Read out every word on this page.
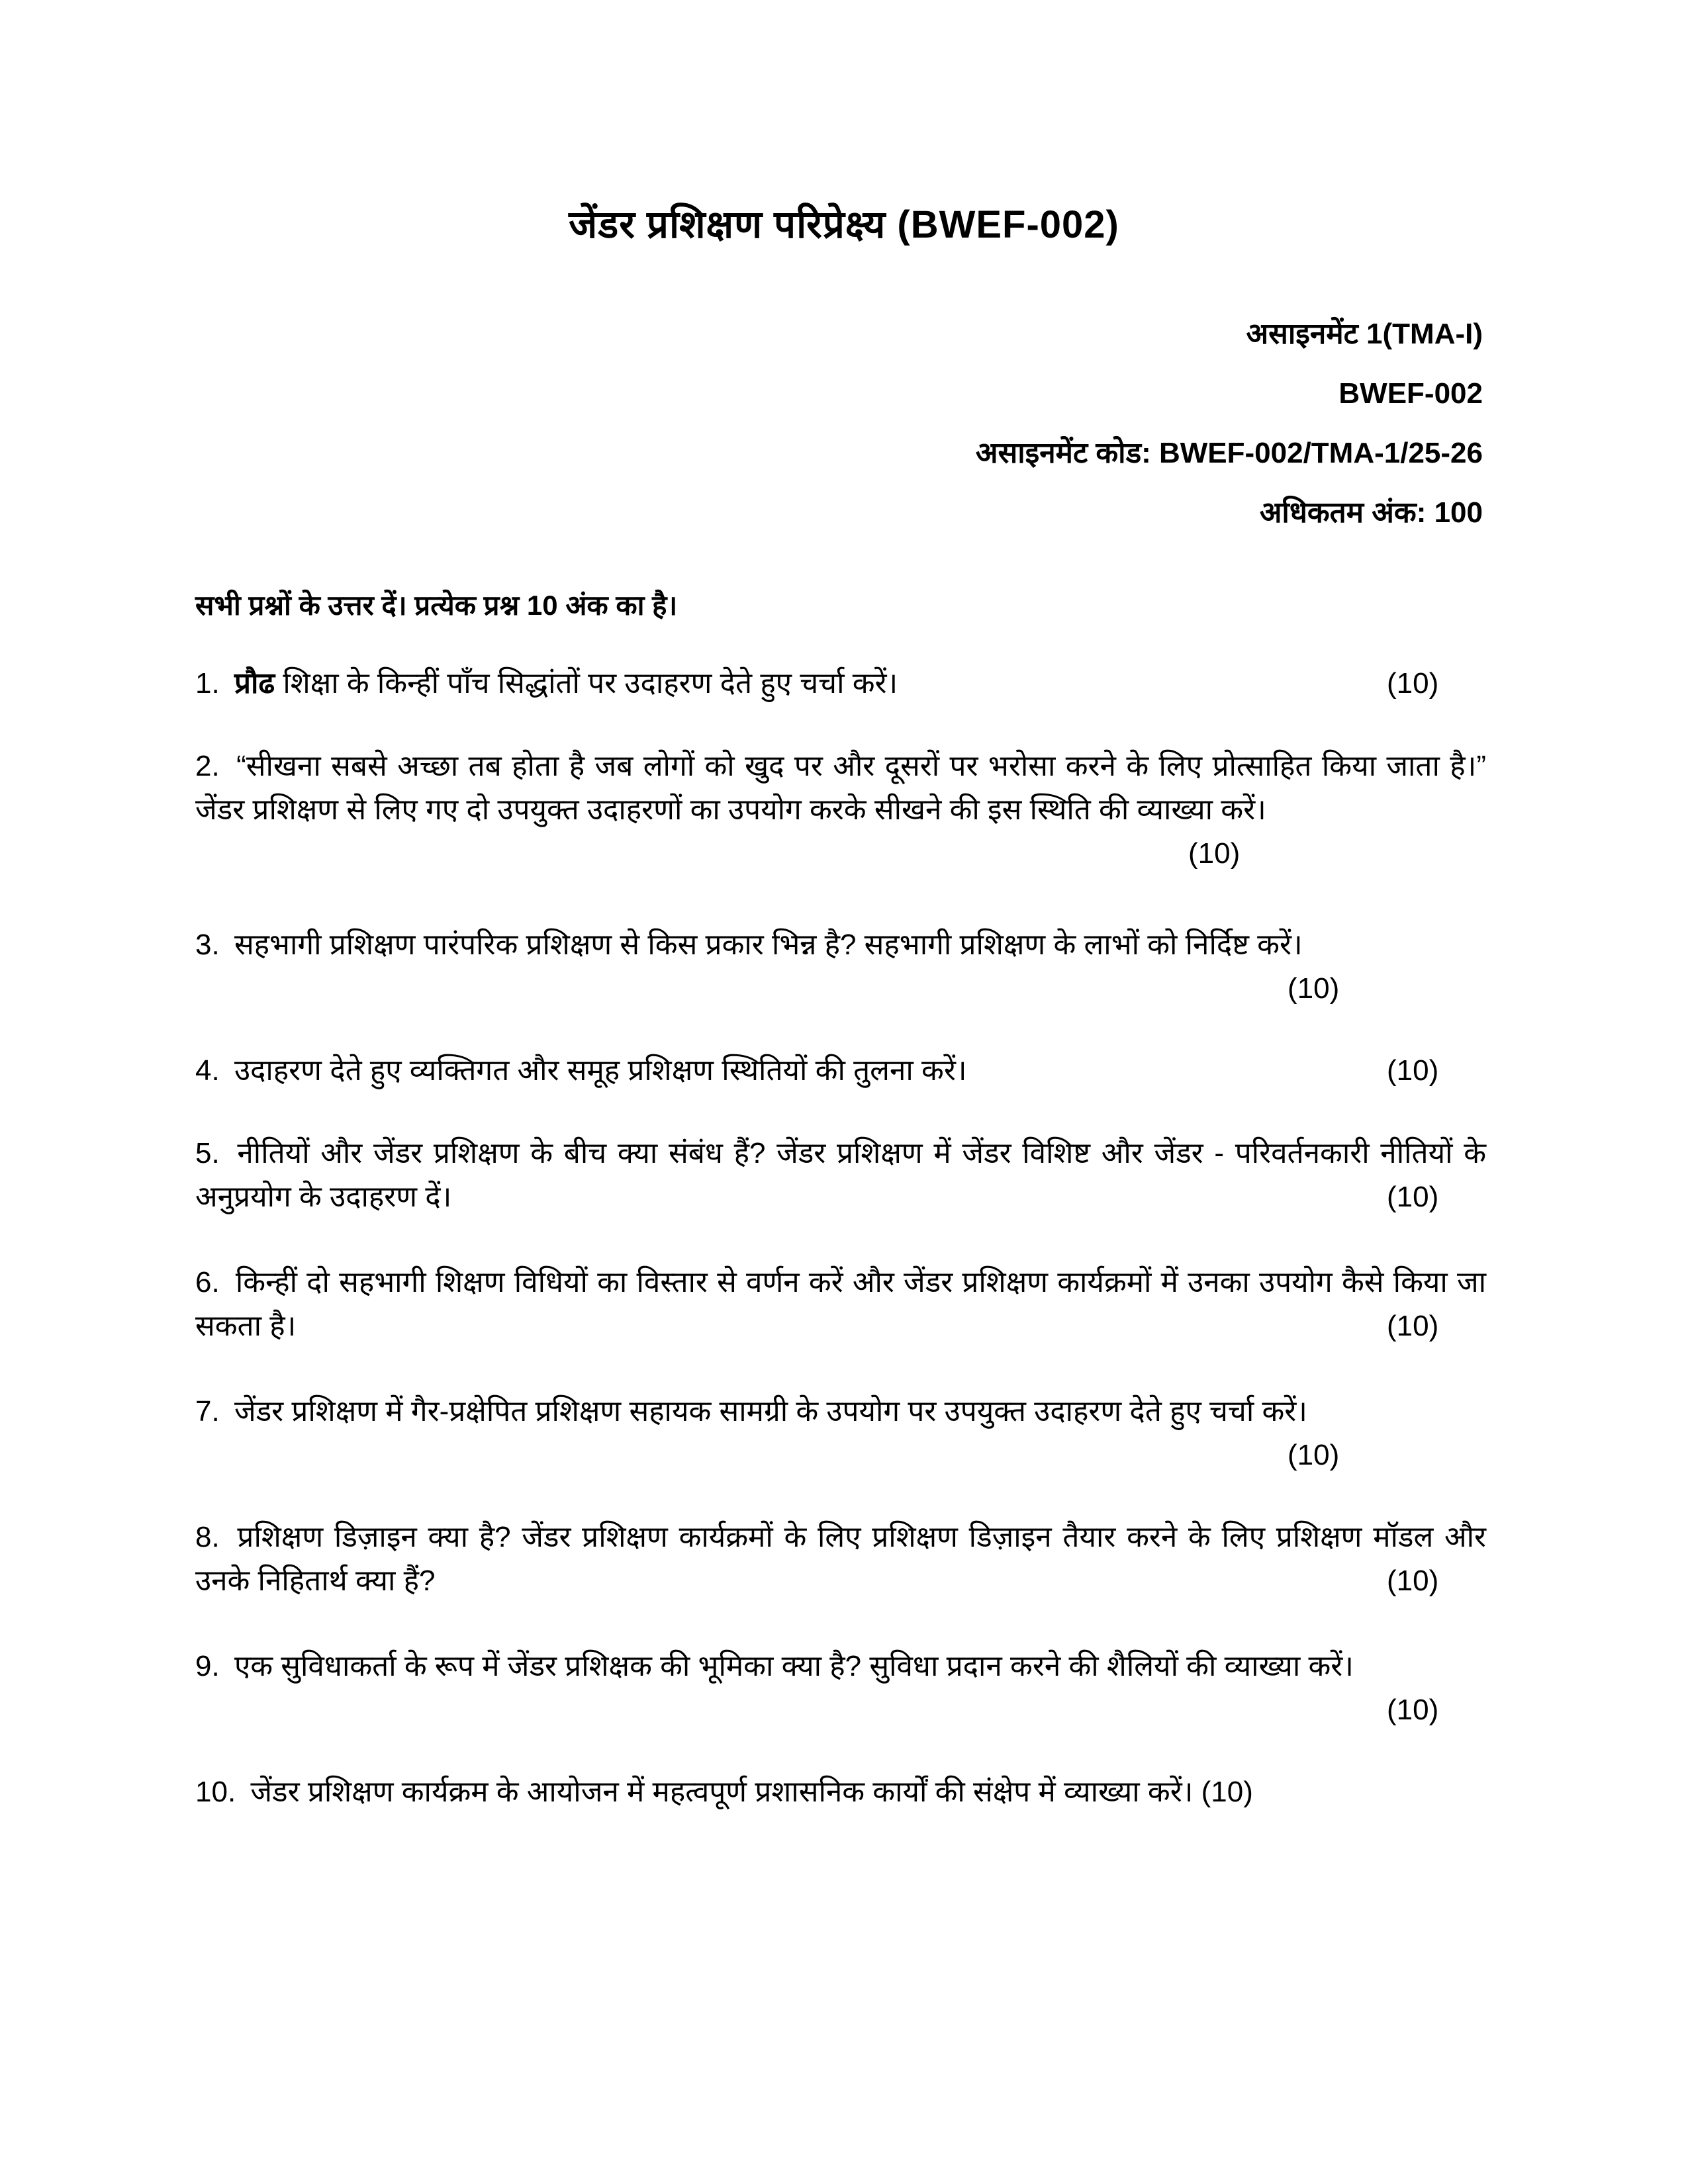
जेंडर प्रशिक्षण परिप्रेक्ष्य (BWEF-002)
असाइनमेंट 1(TMA-I)
BWEF-002
असाइनमेंट कोड: BWEF-002/TMA-1/25-26
अधिकतम अंक: 100
सभी प्रश्नों के उत्तर दें। प्रत्येक प्रश्न 10 अंक का है।
1. प्रौढ शिक्षा के किन्हीं पाँच सिद्धांतों पर उदाहरण देते हुए चर्चा करें।	(10)
2. “सीखना सबसे अच्छा तब होता है जब लोगों को खुद पर और दूसरों पर भरोसा करने के लिए प्रोत्साहित किया जाता है।” जेंडर प्रशिक्षण से लिए गए दो उपयुक्त उदाहरणों का उपयोग करके सीखने की इस स्थिति की व्याख्या करें।
(10)
3. सहभागी प्रशिक्षण पारंपरिक प्रशिक्षण से किस प्रकार भिन्न है? सहभागी प्रशिक्षण के लाभों को निर्दिष्ट करें।
(10)
4. उदाहरण देते हुए व्यक्तिगत और समूह प्रशिक्षण स्थितियों की तुलना करें।	(10)
5. नीतियों और जेंडर प्रशिक्षण के बीच क्या संबंध हैं? जेंडर प्रशिक्षण में जेंडर विशिष्ट और जेंडर - परिवर्तनकारी नीतियों के अनुप्रयोग के उदाहरण दें।	(10)
6. किन्हीं दो सहभागी शिक्षण विधियों का विस्तार से वर्णन करें और जेंडर प्रशिक्षण कार्यक्रमों में उनका उपयोग कैसे किया जा सकता है।	(10)
7. जेंडर प्रशिक्षण में गैर-प्रक्षेपित प्रशिक्षण सहायक सामग्री के उपयोग पर उपयुक्त उदाहरण देते हुए चर्चा करें।
(10)
8. प्रशिक्षण डिज़ाइन क्या है? जेंडर प्रशिक्षण कार्यक्रमों के लिए प्रशिक्षण डिज़ाइन तैयार करने के लिए प्रशिक्षण मॉडल और उनके निहितार्थ क्या हैं?	(10)
9. एक सुविधाकर्ता के रूप में जेंडर प्रशिक्षक की भूमिका क्या है? सुविधा प्रदान करने की शैलियों की व्याख्या करें।
(10)
10. जेंडर प्रशिक्षण कार्यक्रम के आयोजन में महत्वपूर्ण प्रशासनिक कार्यों की संक्षेप में व्याख्या करें। (10)
